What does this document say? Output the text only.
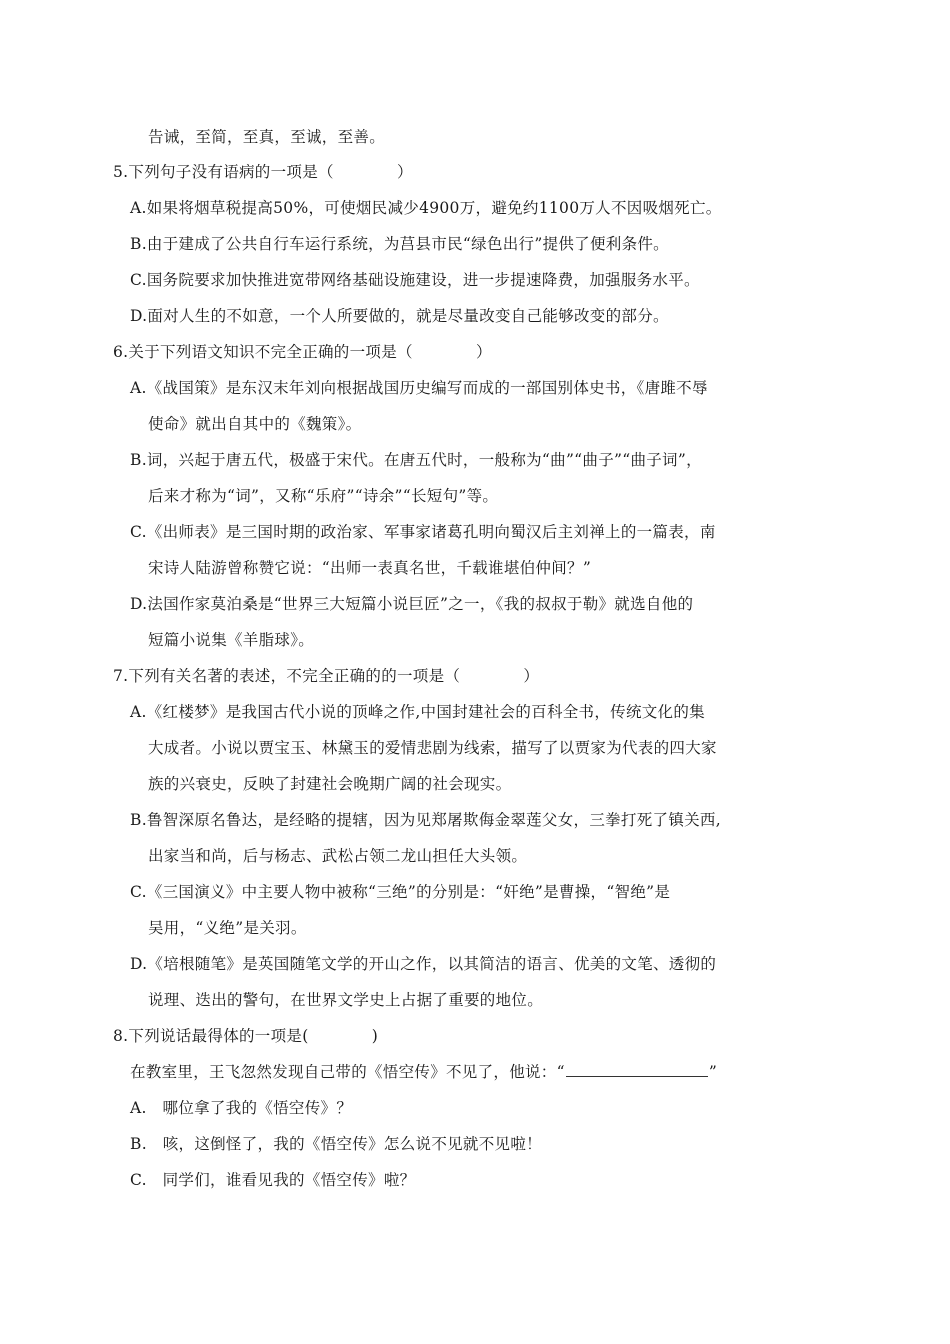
告诫，至简，至真，至诚，至善。
5.下列句子没有语病的一项是（　　　　）
A.如果将烟草税提高50%，可使烟民减少4900万，避免约1100万人不因吸烟死亡。
B.由于建成了公共自行车运行系统，为莒县市民“绿色出行”提供了便利条件。
C.国务院要求加快推进宽带网络基础设施建设，进一步提速降费，加强服务水平。
D.面对人生的不如意，一个人所要做的，就是尽量改变自己能够改变的部分。
6.关于下列语文知识不完全正确的一项是（　　　　）
A.《战国策》是东汉末年刘向根据战国历史编写而成的一部国别体史书，《唐雎不辱
使命》就出自其中的《魏策》。
B.词，兴起于唐五代，极盛于宋代。在唐五代时，一般称为“曲”“曲子”“曲子词”，
后来才称为“词”，又称“乐府”“诗余”“长短句”等。
C.《出师表》是三国时期的政治家、军事家诸葛孔明向蜀汉后主刘禅上的一篇表，南
宋诗人陆游曾称赞它说：“出师一表真名世，千载谁堪伯仲间？”
D.法国作家莫泊桑是“世界三大短篇小说巨匠”之一，《我的叔叔于勒》就选自他的
短篇小说集《羊脂球》。
7.下列有关名著的表述，不完全正确的的一项是（　　　　）
A.《红楼梦》是我国古代小说的顶峰之作,中国封建社会的百科全书，传统文化的集
大成者。小说以贾宝玉、林黛玉的爱情悲剧为线索，描写了以贾家为代表的四大家
族的兴衰史，反映了封建社会晚期广阔的社会现实。
B.鲁智深原名鲁达，是经略的提辖，因为见郑屠欺侮金翠莲父女，三拳打死了镇关西,
出家当和尚，后与杨志、武松占领二龙山担任大头领。
C.《三国演义》中主要人物中被称“三绝”的分别是：“奸绝”是曹操，“智绝”是
吴用，“义绝”是关羽。
D.《培根随笔》是英国随笔文学的开山之作，以其简洁的语言、优美的文笔、透彻的
说理、迭出的警句，在世界文学史上占据了重要的地位。
8.下列说话最得体的一项是(　　　　)
在教室里，王飞忽然发现自己带的《悟空传》不见了，他说：“	”
A.　哪位拿了我的《悟空传》？
B.　咳，这倒怪了，我的《悟空传》怎么说不见就不见啦！
C.　同学们，谁看见我的《悟空传》啦？
